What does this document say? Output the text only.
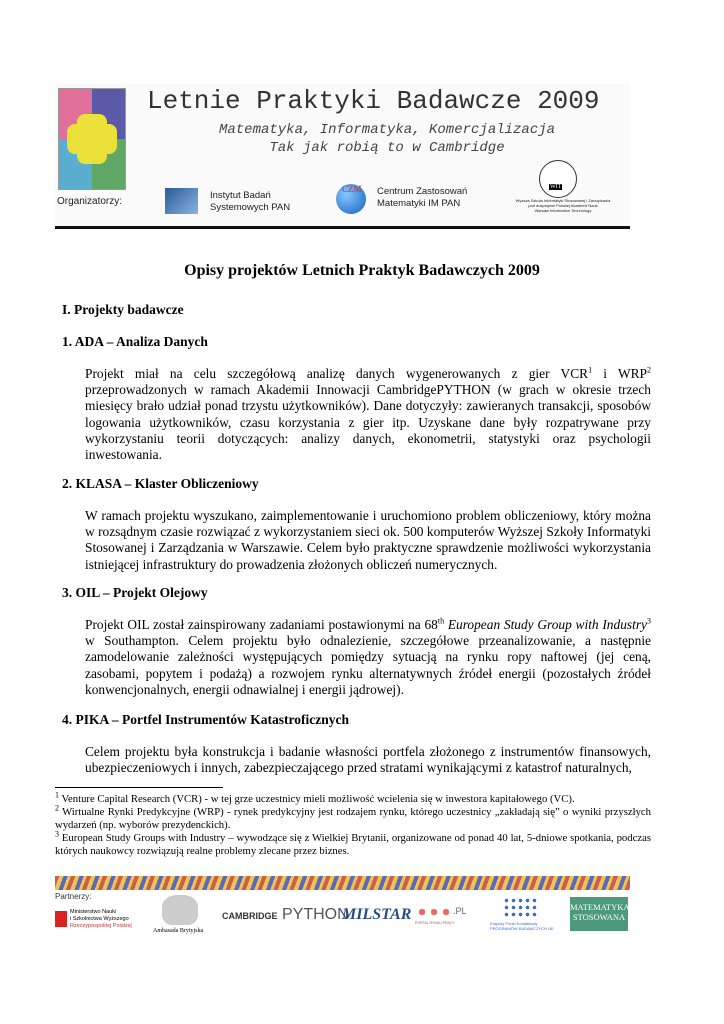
Letnie Praktyki Badawcze 2009
Matematyka, Informatyka, Komercjalizacja
Tak jak robią to w Cambridge
Organizatorzy:
Instytut Badań
Systemowych PAN
CZM Centrum Zastosowań
Matematyki IM PAN
WIT
Wyższa Szkoła Informatyki Stosowanej i Zarządzania
pod auspicjami Polskiej Akademii Nauk
Warsaw Information Technology
Opisy projektów Letnich Praktyk Badawczych 2009
I. Projekty badawcze
1. ADA – Analiza Danych
Projekt miał na celu szczegółową analizę danych wygenerowanych z gier VCR$^1$ i WRP$^2$ przeprowadzonych w ramach Akademii Innowacji CambridgePYTHON (w grach w okresie trzech miesięcy brało udział ponad trzystu użytkowników). Dane dotyczyły: zawieranych transakcji, sposobów logowania użytkowników, czasu korzystania z gier itp. Uzyskane dane były rozpatrywane przy wykorzystaniu teorii dotyczących: analizy danych, ekonometrii, statystyki oraz psychologii inwestowania.
2. KLASA – Klaster Obliczeniowy
W ramach projektu wyszukano, zaimplementowanie i uruchomiono problem obliczeniowy, który można w rozsądnym czasie rozwiązać z wykorzystaniem sieci ok. 500 komputerów Wyższej Szkoły Informatyki Stosowanej i Zarządzania w Warszawie. Celem było praktyczne sprawdzenie możliwości wykorzystania istniejącej infrastruktury do prowadzenia złożonych obliczeń numerycznych.
3. OIL – Projekt Olejowy
Projekt OIL został zainspirowany zadaniami postawionymi na 68th European Study Group with Industry$^3$ w Southampton. Celem projektu było odnalezienie, szczegółowe przeanalizowanie, a następnie zamodelowanie zależności występujących pomiędzy sytuacją na rynku ropy naftowej (jej ceną, zasobami, popytem i podażą) a rozwojem rynku alternatywnych źródeł energii (pozostałych źródeł konwencjonalnych, energii odnawialnej i energii jądrowej).
4. PIKA – Portfel Instrumentów Katastroficznych
Celem projektu była konstrukcja i badanie własności portfela złożonego z instrumentów finansowych, ubezpieczeniowych i innych, zabezpieczającego przed stratami wynikającymi z katastrof naturalnych,
$^1$ Venture Capital Research (VCR) - w tej grze uczestnicy mieli możliwość wcielenia się w inwestora kapitałowego (VC).
$^2$ Wirtualne Rynki Predykcyjne (WRP) - rynek predykcyjny jest rodzajem rynku, którego uczestnicy „zakładają się” o wyniki przyszłych wydarzeń (np. wyborów prezydenckich).
$^3$ European Study Groups with Industry – wywodzące się z Wielkiej Brytanii, organizowane od ponad 40 lat, 5-dniowe spotkania, podczas których naukowcy rozwiązują realne problemy zlecane przez biznes.
Partnerzy:
Ministerstwo Nauki
i Szkolnictwa Wyższego
Rzeczypospolitej Polskiej
Ambasada Brytyjska
CAMBRIDGE PYTHON
MILSTAR	.PL
PORTAL RYNKU PRACY	Krajowy Punkt Kontaktowy
PROGRAMÓW BADAWCZYCH UE
MATEMATYKA
STOSOWANA
